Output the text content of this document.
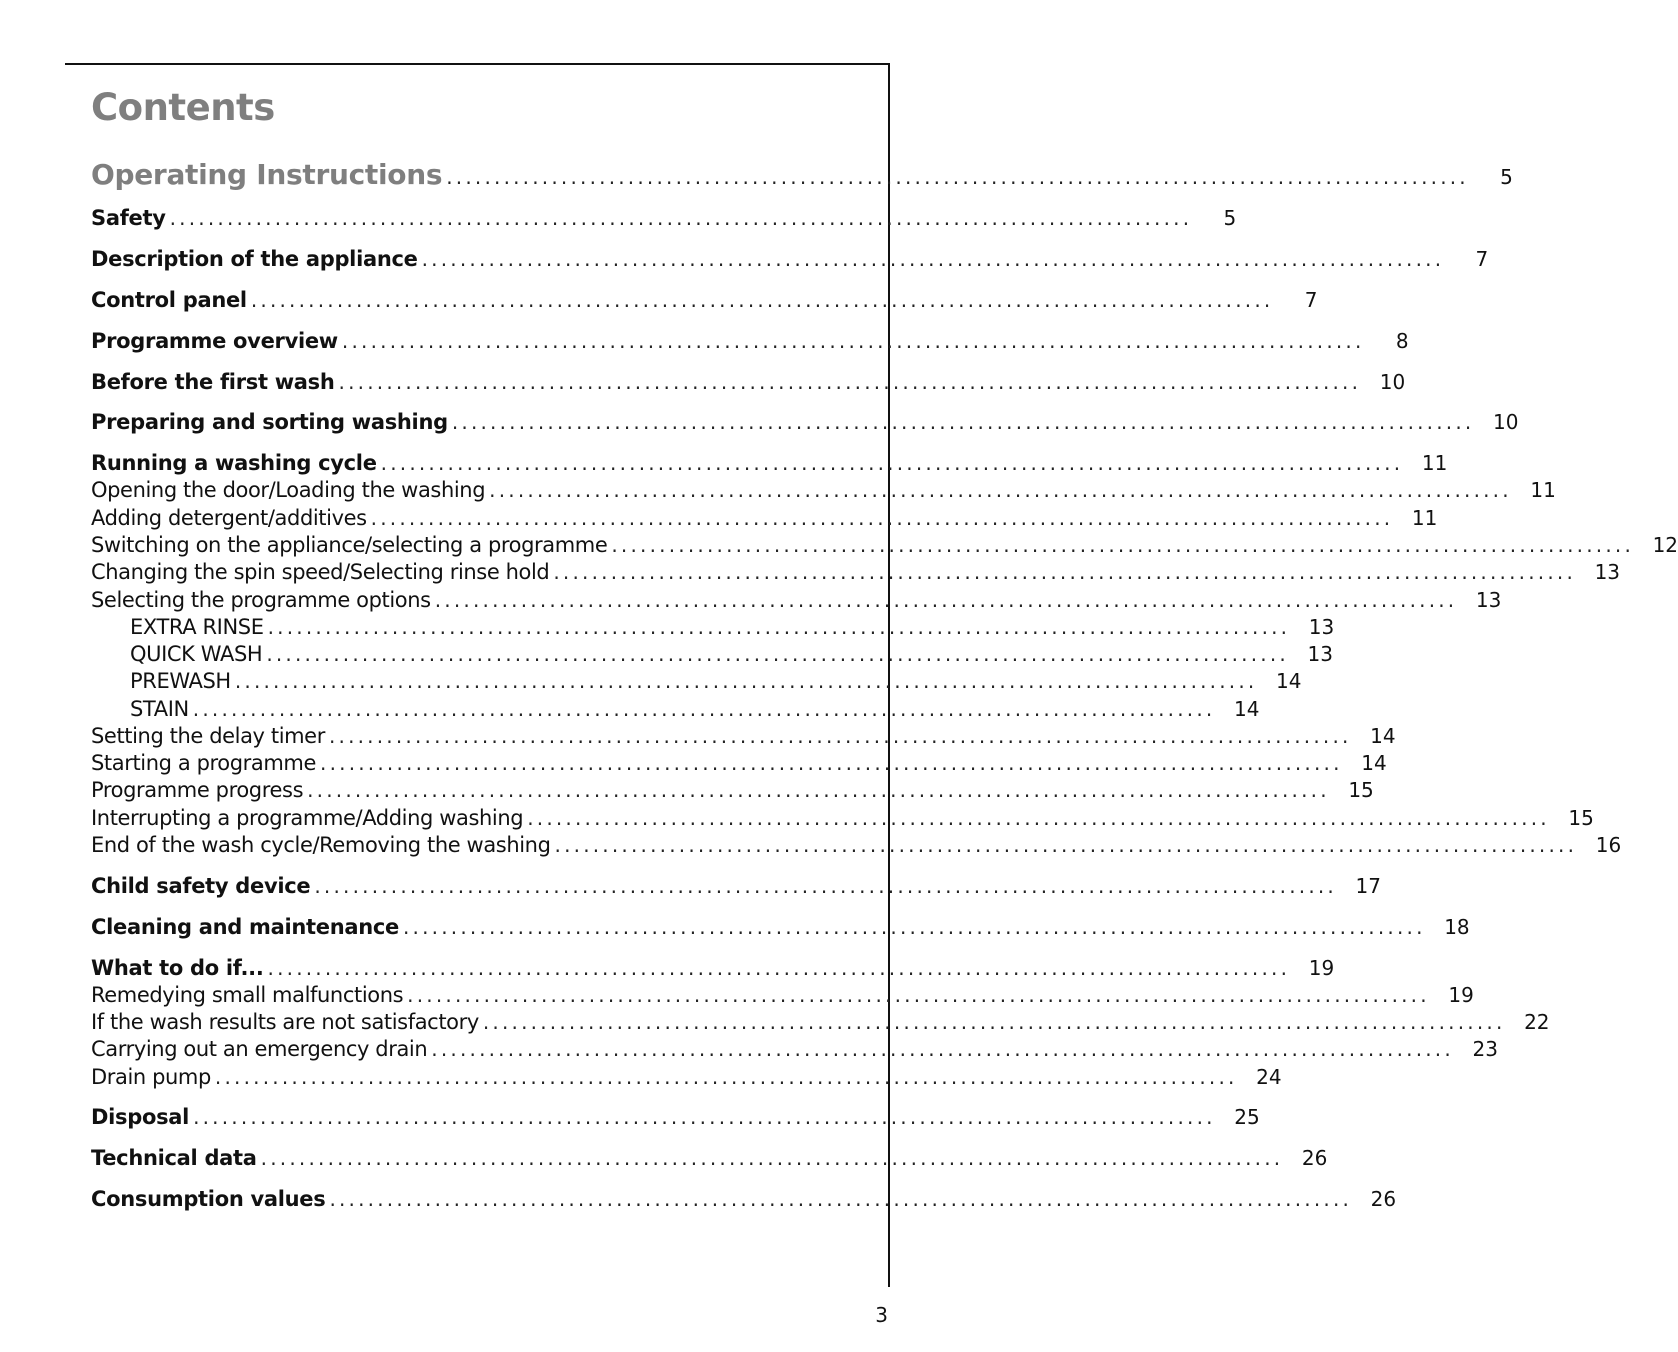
Contents
Operating Instructions ...........................................................................................................	5
Safety ...........................................................................................................	5
Description of the appliance ...........................................................................................................	7
Control panel ...........................................................................................................	7
Programme overview ...........................................................................................................	8
Before the first wash ........................................................................................................... 10
Preparing and sorting washing ........................................................................................................... 10
Running a washing cycle ........................................................................................................... 11
Opening the door/Loading the washing ........................................................................................................... 11
Adding detergent/additives ........................................................................................................... 11
Switching on the appliance/selecting a programme ........................................................................................................... 12
Changing the spin speed/Selecting rinse hold ........................................................................................................... 13
Selecting the programme options ........................................................................................................... 13
EXTRA RINSE ........................................................................................................... 13
QUICK WASH ........................................................................................................... 13
PREWASH ........................................................................................................... 14
STAIN ........................................................................................................... 14
Setting the delay timer ........................................................................................................... 14
Starting a programme ........................................................................................................... 14
Programme progress ........................................................................................................... 15
Interrupting a programme/Adding washing ........................................................................................................... 15
End of the wash cycle/Removing the washing ........................................................................................................... 16
Child safety device ........................................................................................................... 17
Cleaning and maintenance ........................................................................................................... 18
What to do if... ........................................................................................................... 19
Remedying small malfunctions ........................................................................................................... 19
If the wash results are not satisfactory ........................................................................................................... 22
Carrying out an emergency drain ........................................................................................................... 23
Drain pump ........................................................................................................... 24
Disposal ........................................................................................................... 25
Technical data ........................................................................................................... 26
Consumption values ........................................................................................................... 26
3
